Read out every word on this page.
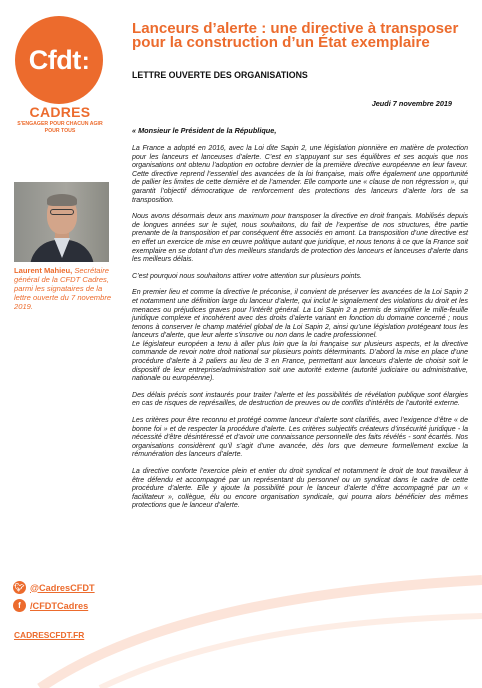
Cfdt:
CADRES
S'ENGAGER POUR CHACUN AGIR POUR TOUS
Laurent Mahieu, Secrétaire général de la CFDT Cadres, parmi les signataires de la lettre ouverte du 7 novembre 2019.
🐦︎ @CadresCFDT
f /CFDTCadres
CADRESCFDT.FR
Lanceurs d’alerte : une directive à transposer pour la construction d’un État exemplaire
LETTRE OUVERTE DES ORGANISATIONS
Jeudi 7 novembre 2019
« Monsieur le Président de la République,

La France a adopté en 2016, avec la Loi dite Sapin 2, une législation pionnière en matière de protection pour les lanceurs et lanceuses d’alerte. C’est en s’appuyant sur ses équilibres et ses acquis que nos organisations ont obtenu l’adoption en octobre dernier de la première directive européenne en leur faveur. Cette directive reprend l’essentiel des avancées de la loi française, mais offre également une opportunité de pallier les limites de cette dernière et de l’amender. Elle comporte une « clause de non régression », qui garantit l’objectif démocratique de renforcement des protections des lanceurs d’alerte lors de sa transposition.

Nous avons désormais deux ans maximum pour transposer la directive en droit français. Mobilisés depuis de longues années sur le sujet, nous souhaitons, du fait de l’expertise de nos structures, être partie prenante de la transposition et par conséquent être associés en amont. La transposition d’une directive est en effet un exercice de mise en œuvre politique autant que juridique, et nous tenons à ce que la France soit exemplaire en se dotant d’un des meilleurs standards de protection des lanceurs et lanceuses d’alerte dans les meilleurs délais.

C’est pourquoi nous souhaitons attirer votre attention sur plusieurs points.

En premier lieu et comme la directive le préconise, il convient de préserver les avancées de la Loi Sapin 2 et notamment une définition large du lanceur d’alerte, qui inclut le signalement des violations du droit et les menaces ou préjudices graves pour l’intérêt général. La Loi Sapin 2 a permis de simplifier le mille-feuille juridique complexe et incohérent avec des droits d’alerte variant en fonction du domaine concerné ; nous tenons à conserver le champ matériel global de la Loi Sapin 2, ainsi qu’une législation protégeant tous les lanceurs d’alerte, que leur alerte s’inscrive ou non dans le cadre professionnel.

Le législateur européen a tenu à aller plus loin que la loi française sur plusieurs aspects, et la directive commande de revoir notre droit national sur plusieurs points déterminants. D’abord la mise en place d’une procédure d’alerte à 2 paliers au lieu de 3 en France, permettant aux lanceurs d’alerte de choisir soit le dispositif de leur entreprise/administration soit une autorité externe (autorité judiciaire ou administrative, nationale ou européenne).

Des délais précis sont instaurés pour traiter l’alerte et les possibilités de révélation publique sont élargies en cas de risques de représailles, de destruction de preuves ou de conflits d’intérêts de l’autorité externe.

Les critères pour être reconnu et protégé comme lanceur d’alerte sont clarifiés, avec l’exigence d’être « de bonne foi » et de respecter la procédure d’alerte. Les critères subjectifs créateurs d’insécurité juridique - la nécessité d’être désintéressé et d’avoir une connaissance personnelle des faits révélés - sont écartés. Nos organisations considèrent qu’il s’agit d’une avancée, dès lors que demeure formellement exclue la rémunération des lanceurs d’alerte.

La directive conforte l’exercice plein et entier du droit syndical et notamment le droit de tout travailleur à être défendu et accompagné par un représentant du personnel ou un syndicat dans le cadre de cette procédure d’alerte. Elle y ajoute la possibilité pour le lanceur d’alerte d’être accompagné par un « facilitateur », collègue, élu ou encore organisation syndicale, qui pourra alors bénéficier des mêmes protections que le lanceur d’alerte.
